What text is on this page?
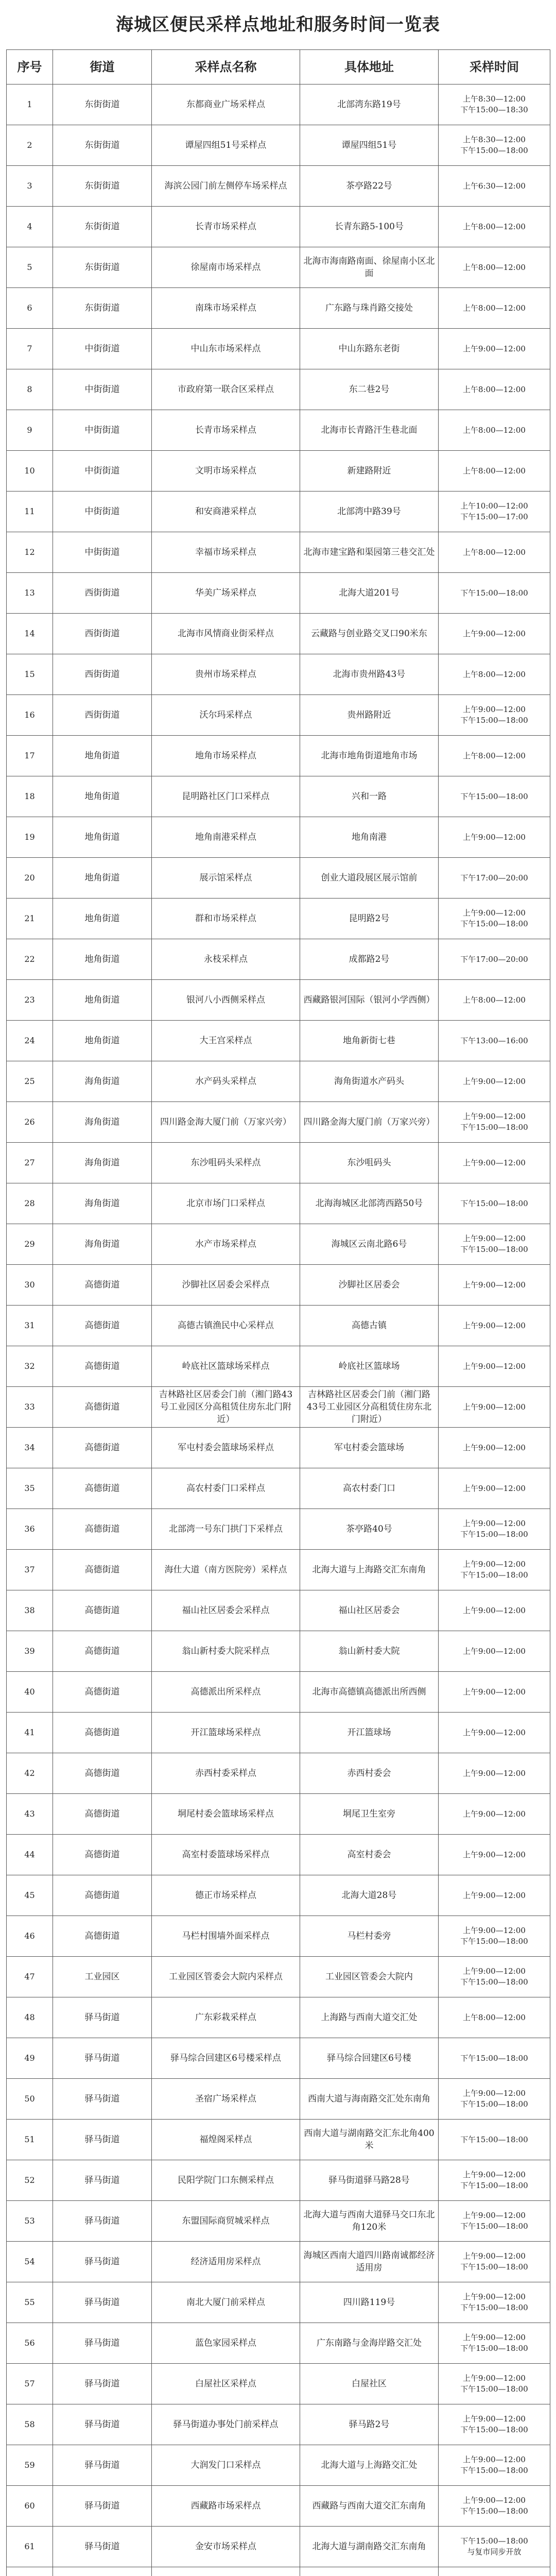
海城区便民采样点地址和服务时间一览表
序号	街道	采样点名称	具体地址	采样时间
1	东街街道	东都商业广场采样点	北部湾东路19号	上午8:30—12:00
下午15:00—18:30
2	东街街道	谭屋四组51号采样点	谭屋四组51号	上午8:30—12:00
下午15:00—18:00
3	东街街道	海滨公园门前左侧停车场采样点	茶亭路22号	上午6:30—12:00
4	东街街道	长青市场采样点	长青东路5-100号	上午8:00—12:00
5	东街街道	徐屋南市场采样点	北海市海南路南面、徐屋南小区北面	上午8:00—12:00
6	东街街道	南珠市场采样点	广东路与珠肖路交接处	上午8:00—12:00
7	中街街道	中山东市场采样点	中山东路东老街	上午9:00—12:00
8	中街街道	市政府第一联合区采样点	东二巷2号	上午8:00—12:00
9	中街街道	长青市场采样点	北海市长青路汗生巷北面	上午8:00—12:00
10	中街街道	文明市场采样点	新建路附近	上午8:00—12:00
11	中街街道	和安商港采样点	北部湾中路39号	上午10:00—12:00
下午15:00—17:00
12	中街街道	幸福市场采样点	北海市建宝路和渠园第三巷交汇处	上午8:00—12:00
13	西街街道	华美广场采样点	北海大道201号	下午15:00—18:00
14	西街街道	北海市风情商业街采样点	云藏路与创业路交叉口90米东	上午9:00—12:00
15	西街街道	贵州市场采样点	北海市贵州路43号	上午8:00—12:00
16	西街街道	沃尔玛采样点	贵州路附近	上午9:00—12:00
下午15:00—18:00
17	地角街道	地角市场采样点	北海市地角街道地角市场	上午8:00—12:00
18	地角街道	昆明路社区门口采样点	兴和一路	下午15:00—18:00
19	地角街道	地角南港采样点	地角南港	上午9:00—12:00
20	地角街道	展示馆采样点	创业大道段展区展示馆前	下午17:00—20:00
21	地角街道	群和市场采样点	昆明路2号	上午9:00—12:00
下午15:00—18:00
22	地角街道	永枝采样点	成都路2号	下午17:00—20:00
23	地角街道	银河八小西侧采样点	西藏路银河国际（银河小学西侧）	上午8:00—12:00
24	地角街道	大王宫采样点	地角新街七巷	下午13:00—16:00
25	海角街道	水产码头采样点	海角街道水产码头	上午9:00—12:00
26	海角街道	四川路金海大厦门前（万家兴旁）	四川路金海大厦门前（万家兴旁）	上午9:00—12:00
下午15:00—18:00
27	海角街道	东沙咀码头采样点	东沙咀码头	上午9:00—12:00
28	海角街道	北京市场门口采样点	北海海城区北部湾西路50号	下午15:00—18:00
29	海角街道	水产市场采样点	海城区云南北路6号	上午9:00—12:00
下午15:00—18:00
30	高德街道	沙脚社区居委会采样点	沙脚社区居委会	上午9:00—12:00
31	高德街道	高德古镇渔民中心采样点	高德古镇	上午9:00—12:00
32	高德街道	岭底社区篮球场采样点	岭底社区篮球场	上午9:00—12:00
33	高德街道	吉林路社区居委会门前（湘门路43号工业园区分高租赁住房东北门附近）	吉林路社区居委会门前（湘门路43号工业园区分高租赁住房东北门附近）	上午9:00—12:00
34	高德街道	军屯村委会篮球场采样点	军屯村委会篮球场	上午9:00—12:00
35	高德街道	高农村委门口采样点	高农村委门口	上午9:00—12:00
36	高德街道	北部湾一号东门拱门下采样点	茶亭路40号	上午9:00—12:00
下午15:00—18:00
37	高德街道	海仕大道（南方医院旁）采样点	北海大道与上海路交汇东南角	上午9:00—12:00
下午15:00—18:00
38	高德街道	福山社区居委会采样点	福山社区居委会	上午9:00—12:00
39	高德街道	翁山新村委大院采样点	翁山新村委大院	上午9:00—12:00
40	高德街道	高德派出所采样点	北海市高德镇高德派出所西侧	上午9:00—12:00
41	高德街道	开江篮球场采样点	开江篮球场	上午9:00—12:00
42	高德街道	赤西村委采样点	赤西村委会	上午9:00—12:00
43	高德街道	垌尾村委会篮球场采样点	垌尾卫生室旁	上午9:00—12:00
44	高德街道	高室村委篮球场采样点	高室村委会	上午9:00—12:00
45	高德街道	德正市场采样点	北海大道28号	上午9:00—12:00
46	高德街道	马栏村围墙外面采样点	马栏村委旁	上午9:00—12:00
下午15:00—18:00
47	工业园区	工业园区管委会大院内采样点	工业园区管委会大院内	上午9:00—12:00
下午15:00—18:00
48	驿马街道	广东彩栽采样点	上海路与西南大道交汇处	上午8:00—12:00
49	驿马街道	驿马综合回建区6号楼采样点	驿马综合回建区6号楼	下午15:00—18:00
50	驿马街道	圣宿广场采样点	西南大道与海南路交汇处东南角	上午9:00—12:00
下午15:00—18:00
51	驿马街道	福煌阁采样点	西南大道与湖南路交汇东北角400米	下午15:00—18:00
52	驿马街道	民阳学院门口东侧采样点	驿马街道驿马路28号	上午9:00—12:00
下午15:00—18:00
53	驿马街道	东盟国际商贸城采样点	北海大道与西南大道驿马交口东北角120米	上午9:00—12:00
下午15:00—18:00
54	驿马街道	经济适用房采样点	海城区西南大道四川路南诚都经济适用房	上午9:00—12:00
下午15:00—18:00
55	驿马街道	南北大厦门前采样点	四川路119号	上午9:00—12:00
下午15:00—18:00
56	驿马街道	蓝色家园采样点	广东南路与金海岸路交汇处	上午9:00—12:00
下午15:00—18:00
57	驿马街道	白屋社区采样点	白屋社区	上午9:00—12:00
下午15:00—18:00
58	驿马街道	驿马街道办事处门前采样点	驿马路2号	上午9:00—12:00
下午15:00—18:00
59	驿马街道	大润发门口采样点	北海大道与上海路交汇处	上午9:00—12:00
下午15:00—18:00
60	驿马街道	西藏路市场采样点	西藏路与西南大道交汇东南角	上午9:00—12:00
下午15:00—18:00
61	驿马街道	金安市场采样点	北海大道与湖南路交汇东南角	下午15:00—18:00
与复市同步开放
